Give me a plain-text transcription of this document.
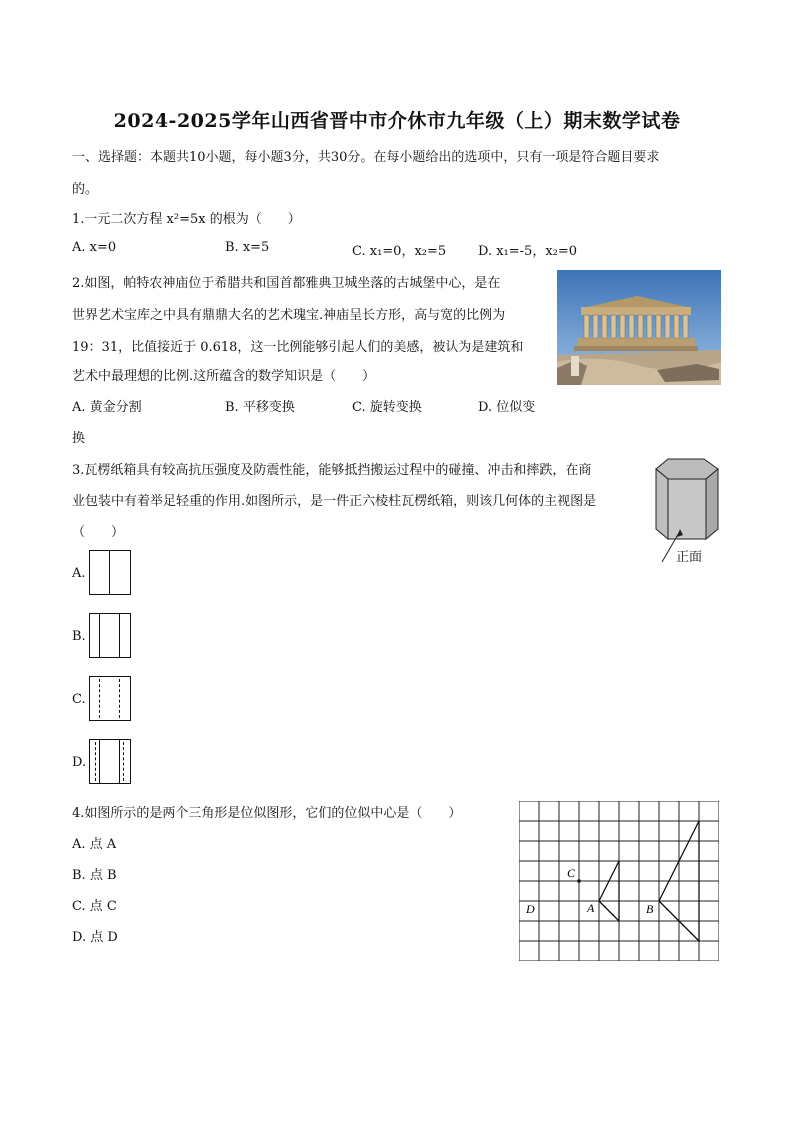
2024-2025学年山西省晋中市介休市九年级（上）期末数学试卷
一、选择题：本题共10小题，每小题3分，共30分。在每小题给出的选项中，只有一项是符合题目要求
的。
1.一元二次方程 x²=5x 的根为（　　）
A. x=0	B. x=5	C. x₁=0，x₂=5 D. x₁=-5，x₂=0
2.如图，帕特农神庙位于希腊共和国首都雅典卫城坐落的古城堡中心，是在
世界艺术宝库之中具有鼎鼎大名的艺术瑰宝.神庙呈长方形，高与宽的比例为
19：31，比值接近于 0.618，这一比例能够引起人们的美感，被认为是建筑和
艺术中最理想的比例.这所蕴含的数学知识是（　　）
A. 黄金分割	B. 平移变换	C. 旋转变换	D. 位似变
换
3.瓦楞纸箱具有较高抗压强度及防震性能，能够抵挡搬运过程中的碰撞、冲击和摔跌，在商
业包装中有着举足轻重的作用.如图所示，是一件正六棱柱瓦楞纸箱，则该几何体的主视图是
（　　）
正面
A.
B.
C.
D.
4.如图所示的是两个三角形是位似图形，它们的位似中心是（　　）
A. 点 A
B. 点 B
C. 点 C
D. 点 D
C
D	A	B
